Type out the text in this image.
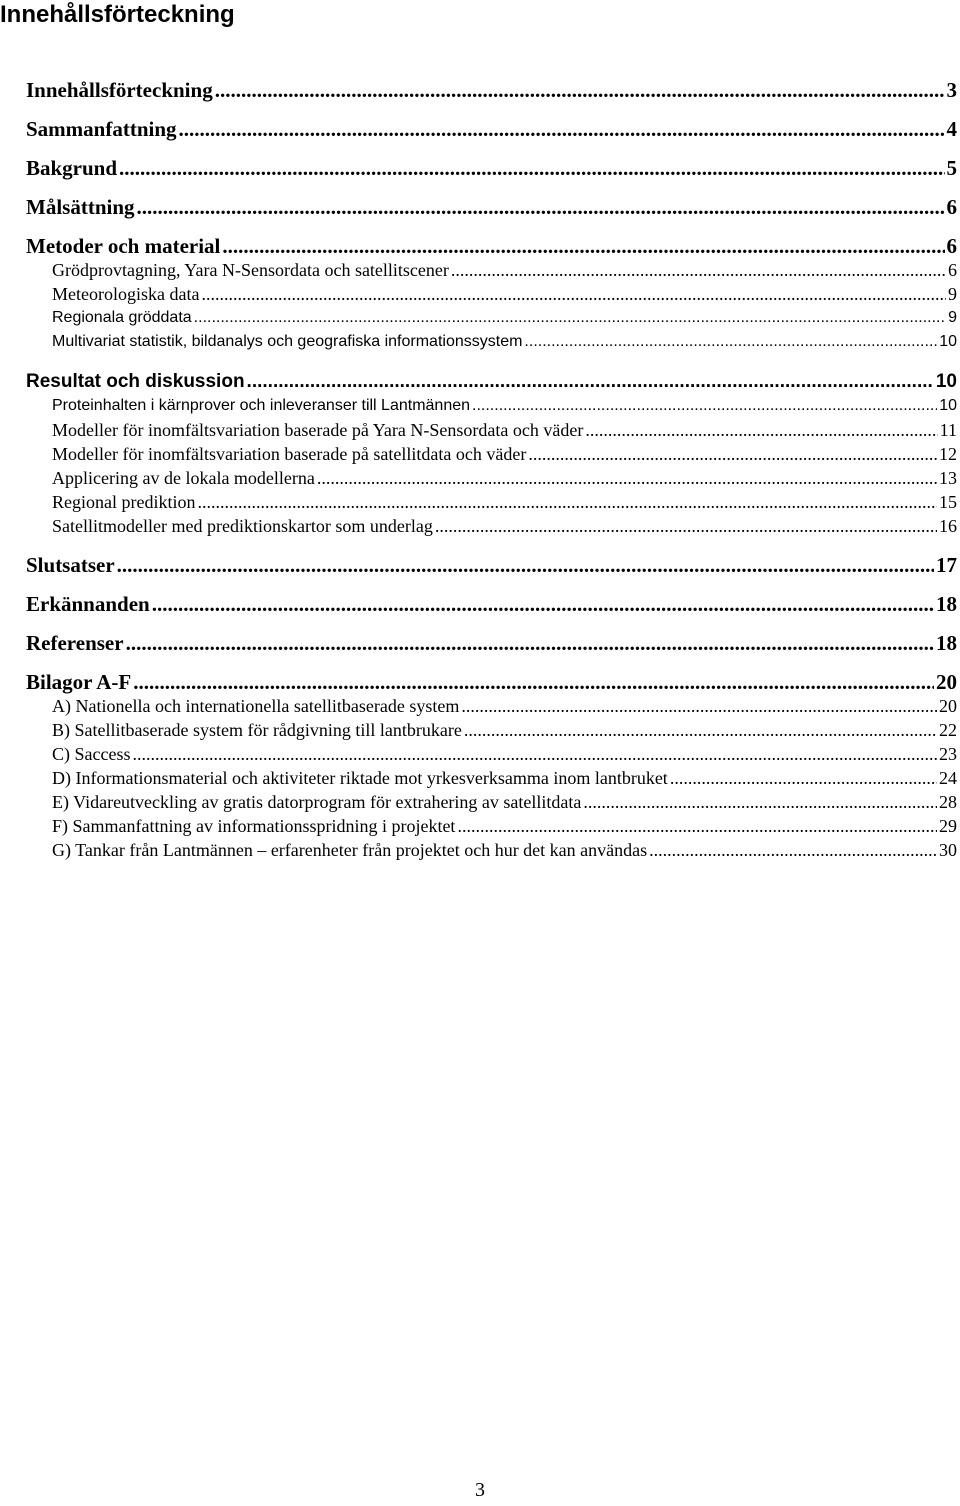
Innehållsförteckning
Innehållsförteckning .....	3
Sammanfattning .....	4
Bakgrund .....	5
Målsättning .....	6
Metoder och material .....	6
Grödprovtagning, Yara N-Sensordata och satellitscener .....	6
Meteorologiska data .....	9
Regionala gröddata .....	9
Multivariat statistik, bildanalys och geografiska informationssystem .....	10
Resultat och diskussion .....	10
Proteinhalten i kärnprover och inleveranser till Lantmännen .....	10
Modeller för inomfältsvariation baserade på Yara N-Sensordata och väder .....	11
Modeller för inomfältsvariation baserade på satellitdata och väder .....	12
Applicering av de lokala modellerna .....	13
Regional prediktion .....	15
Satellitmodeller med prediktionskartor som underlag .....	16
Slutsatser .....	17
Erkännanden .....	18
Referenser .....	18
Bilagor A-F .....	20
A) Nationella och internationella satellitbaserade system .....	20
B) Satellitbaserade system för rådgivning till lantbrukare .....	22
C) Saccess .....	23
D) Informationsmaterial och aktiviteter riktade mot yrkesverksamma inom lantbruket .....	24
E) Vidareutveckling av gratis datorprogram för extrahering av satellitdata .....	28
F) Sammanfattning av informationsspridning i projektet .....	29
G) Tankar från Lantmännen – erfarenheter från projektet och hur det kan användas .....	30
3
